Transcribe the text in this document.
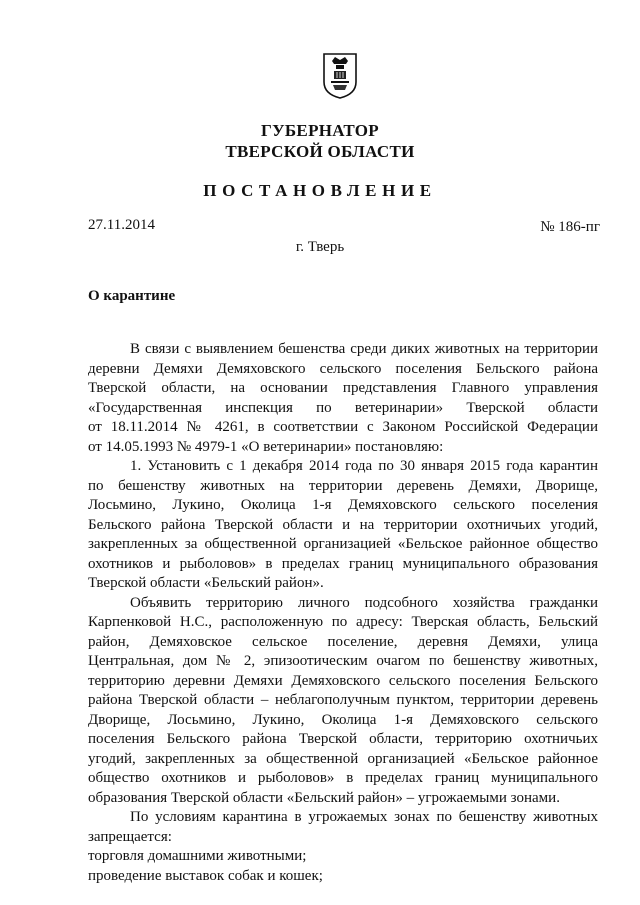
ГУБЕРНАТОР
ТВЕРСКОЙ ОБЛАСТИ
ПОСТАНОВЛЕНИЕ
27.11.2014	№ 186-пг
г. Тверь
О карантине

В связи с выявлением бешенства среди диких животных на территории

деревни Демяхи Демяховского сельского поселения Бельского района

Тверской области, на основании представления Главного управления

«Государственная инспекция по ветеринарии» Тверской области

от 18.11.2014 № 4261, в соответствии с Законом Российской Федерации

от 14.05.1993 № 4979-1 «О ветеринарии» постановляю:

1. Установить с 1 декабря 2014 года по 30 января 2015 года карантин

по бешенству животных на территории деревень Демяхи, Дворище,

Лосьмино, Лукино, Околица 1-я Демяховского сельского поселения

Бельского района Тверской области и на территории охотничьих угодий,

закрепленных за общественной организацией «Бельское районное общество

охотников и рыболовов» в пределах границ муниципального образования

Тверской области «Бельский район».

Объявить территорию личного подсобного хозяйства гражданки

Карпенковой Н.С., расположенную по адресу: Тверская область, Бельский

район, Демяховское сельское поселение, деревня Демяхи, улица

Центральная, дом № 2, эпизоотическим очагом по бешенству животных,

территорию деревни Демяхи Демяховского сельского поселения Бельского

района Тверской области – неблагополучным пунктом, территории деревень

Дворище, Лосьмино, Лукино, Околица 1-я Демяховского сельского

поселения Бельского района Тверской области, территорию охотничьих

угодий, закрепленных за общественной организацией «Бельское районное

общество охотников и рыболовов» в пределах границ муниципального

образования Тверской области «Бельский район» – угрожаемыми зонами.

По условиям карантина в угрожаемых зонах по бешенству животных

запрещается:

торговля домашними животными;

проведение выставок собак и кошек;
